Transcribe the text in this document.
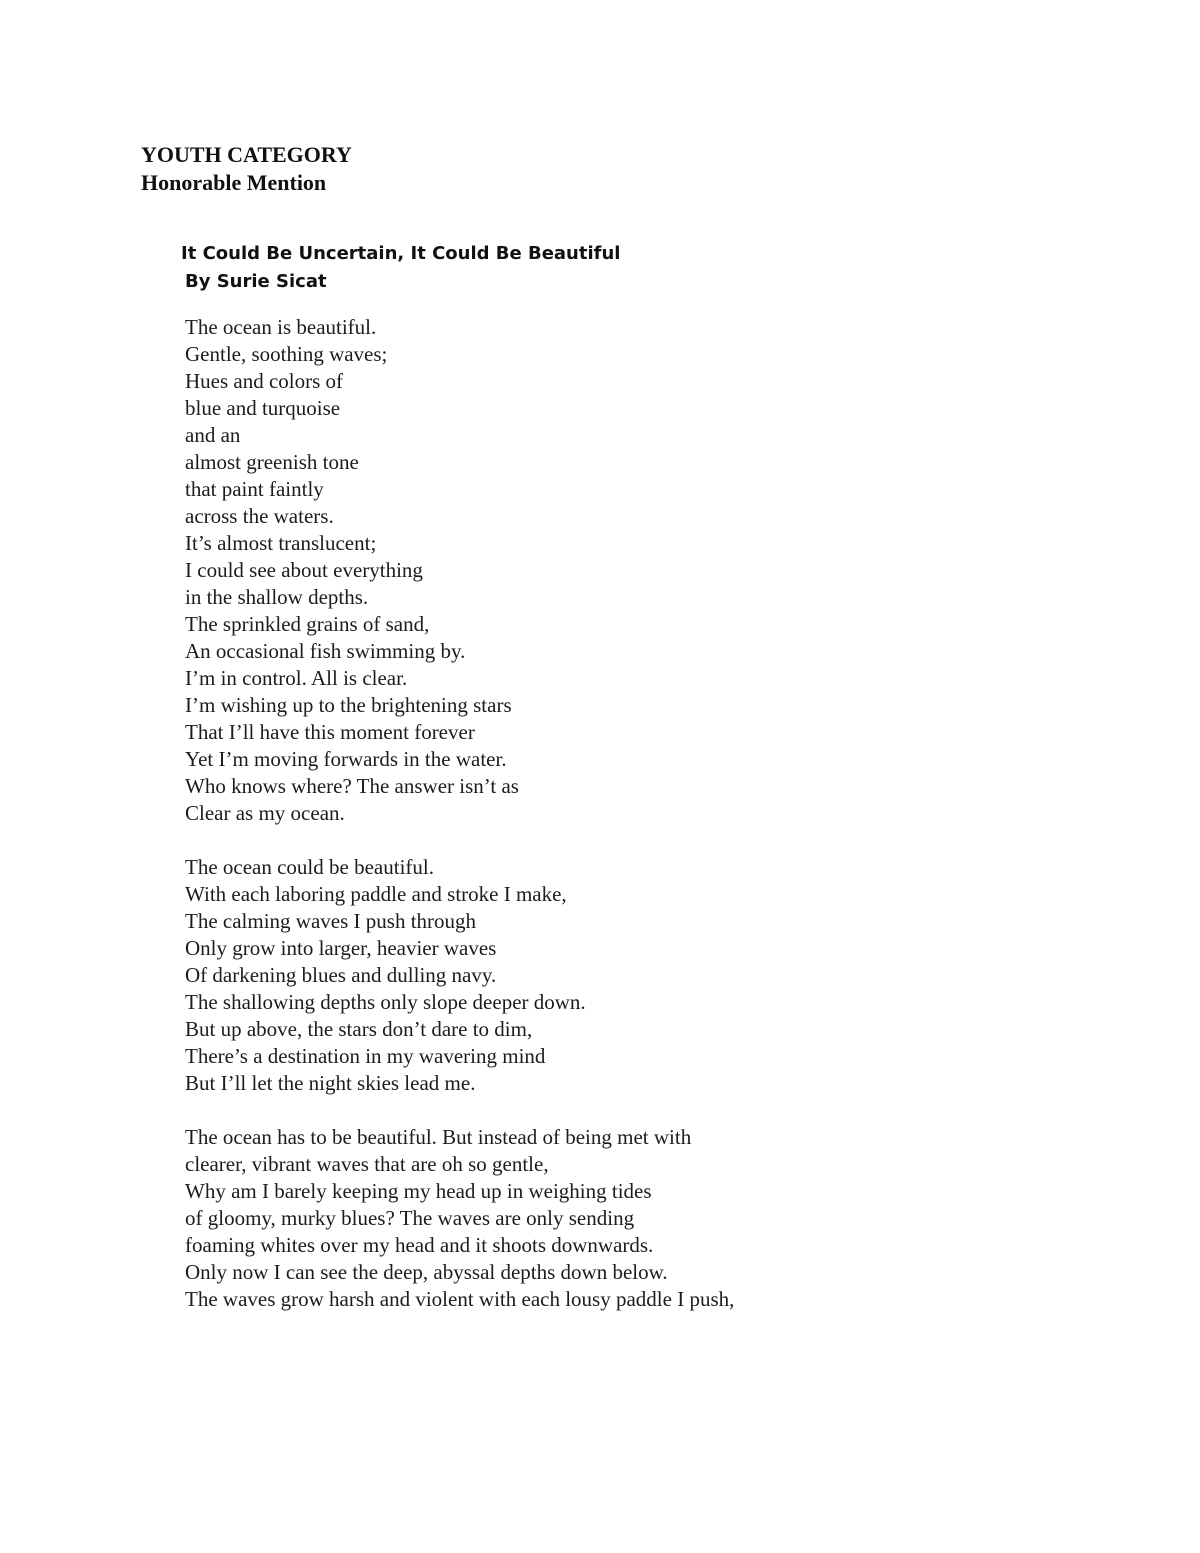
YOUTH CATEGORY
Honorable Mention
It Could Be Uncertain, It Could Be Beautiful
By Surie Sicat
The ocean is beautiful.
Gentle, soothing waves;
Hues and colors of
blue and turquoise
and an
almost greenish tone
that paint faintly
across the waters.
It’s almost translucent;
I could see about everything
in the shallow depths.
The sprinkled grains of sand,
An occasional fish swimming by.
I’m in control. All is clear.
I’m wishing up to the brightening stars
That I’ll have this moment forever
Yet I’m moving forwards in the water.
Who knows where? The answer isn’t as
Clear as my ocean.
The ocean could be beautiful.
With each laboring paddle and stroke I make,
The calming waves I push through
Only grow into larger, heavier waves
Of darkening blues and dulling navy.
The shallowing depths only slope deeper down.
But up above, the stars don’t dare to dim,
There’s a destination in my wavering mind
But I’ll let the night skies lead me.
The ocean has to be beautiful. But instead of being met with
clearer, vibrant waves that are oh so gentle,
Why am I barely keeping my head up in weighing tides
of gloomy, murky blues? The waves are only sending
foaming whites over my head and it shoots downwards.
Only now I can see the deep, abyssal depths down below.
The waves grow harsh and violent with each lousy paddle I push,
